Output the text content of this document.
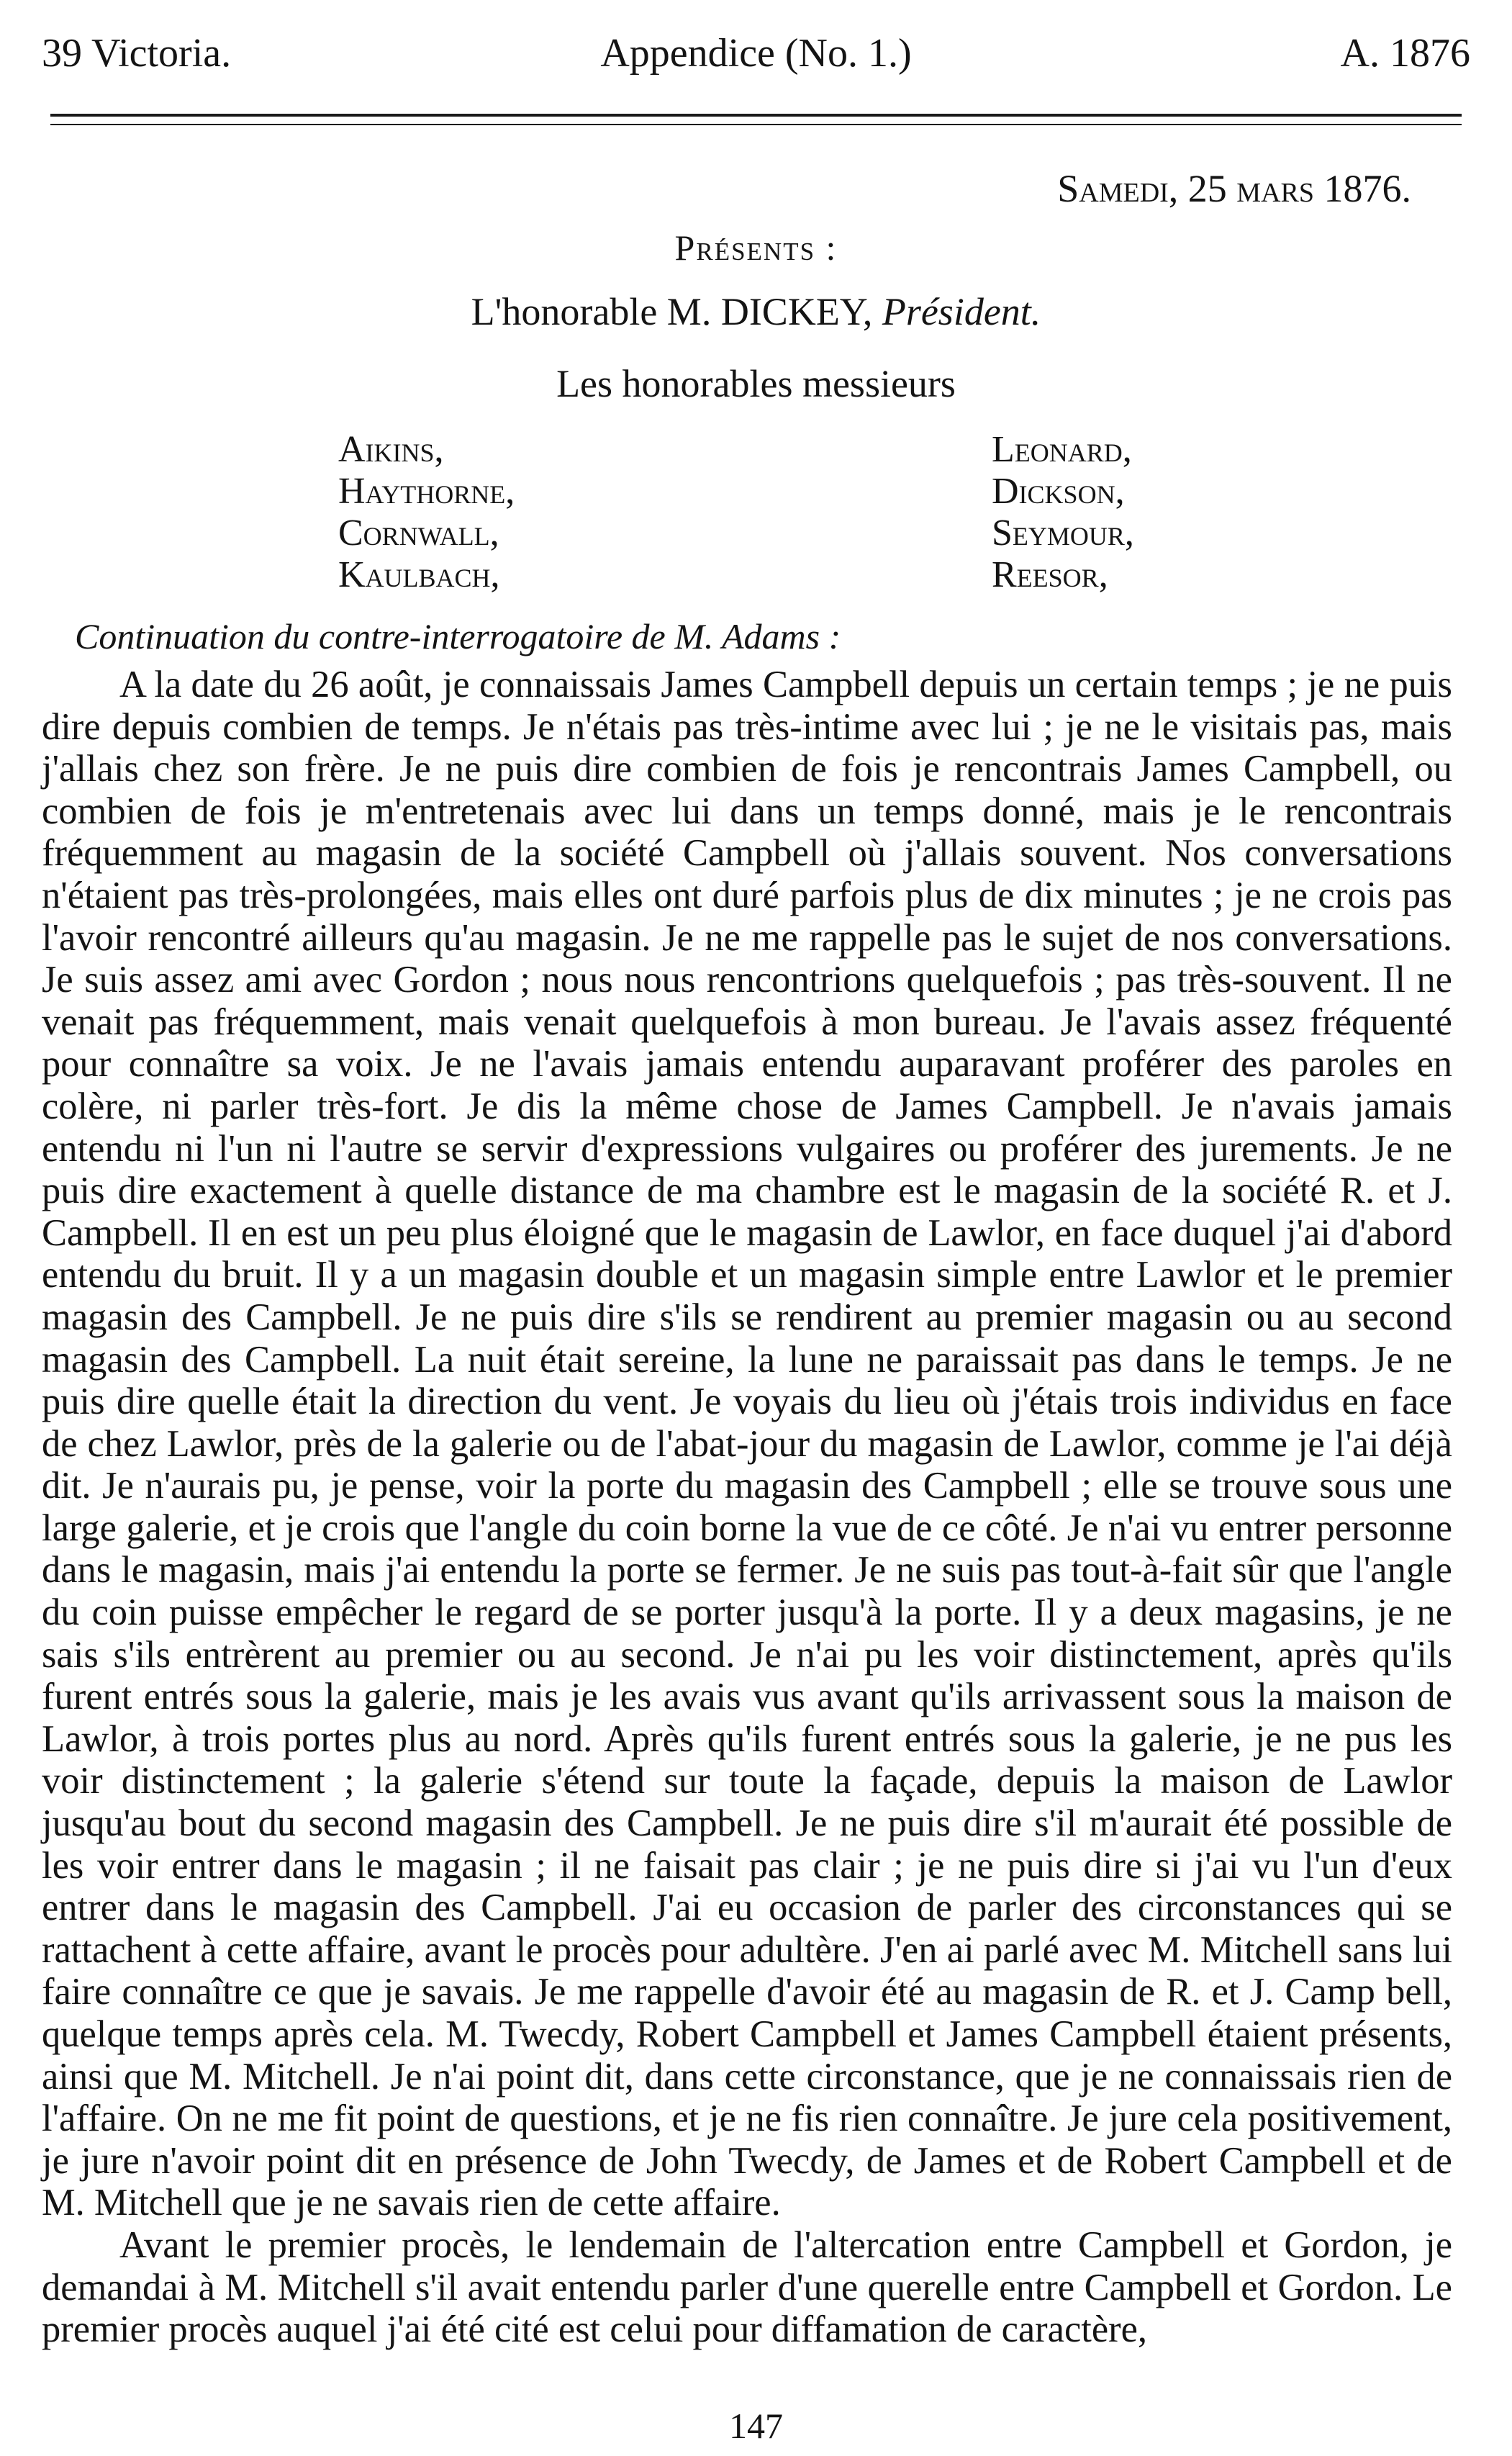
39 Victoria.	Appendice (No. 1.)	A. 1876
Samedi, 25 mars 1876.
Présents :
L'honorable M. DICKEY, Président.
Les honorables messieurs
Aikins,
Haythorne,
Cornwall,
Kaulbach,
Leonard,
Dickson,
Seymour,
Reesor,
Continuation du contre-interrogatoire de M. Adams :

A la date du 26 août, je connaissais James Campbell depuis un certain temps ; je ne puis dire depuis combien de temps. Je n'étais pas très-intime avec lui ; je ne le visitais pas, mais j'allais chez son frère. Je ne puis dire combien de fois je rencontrais James Campbell, ou combien de fois je m'entretenais avec lui dans un temps donné, mais je le rencontrais fréquemment au magasin de la société Campbell où j'allais souvent. Nos conversations n'étaient pas très-prolongées, mais elles ont duré parfois plus de dix minutes ; je ne crois pas l'avoir rencontré ailleurs qu'au magasin. Je ne me rappelle pas le sujet de nos conversations. Je suis assez ami avec Gordon ; nous nous rencontrions quelquefois ; pas très-souvent. Il ne venait pas fréquemment, mais venait quelquefois à mon bureau. Je l'avais assez fréquenté pour connaître sa voix. Je ne l'avais jamais entendu auparavant proférer des paroles en colère, ni parler très-fort. Je dis la même chose de James Campbell. Je n'avais jamais entendu ni l'un ni l'autre se servir d'expressions vulgaires ou proférer des jurements. Je ne puis dire exactement à quelle distance de ma chambre est le magasin de la société R. et J. Campbell. Il en est un peu plus éloigné que le magasin de Lawlor, en face duquel j'ai d'abord entendu du bruit. Il y a un magasin double et un magasin simple entre Lawlor et le premier magasin des Campbell. Je ne puis dire s'ils se rendirent au premier magasin ou au second magasin des Campbell. La nuit était sereine, la lune ne paraissait pas dans le temps. Je ne puis dire quelle était la direction du vent. Je voyais du lieu où j'étais trois individus en face de chez Lawlor, près de la galerie ou de l'abat-jour du magasin de Lawlor, comme je l'ai déjà dit. Je n'aurais pu, je pense, voir la porte du magasin des Campbell ; elle se trouve sous une large galerie, et je crois que l'angle du coin borne la vue de ce côté. Je n'ai vu entrer personne dans le magasin, mais j'ai entendu la porte se fermer. Je ne suis pas tout-à-fait sûr que l'angle du coin puisse empêcher le regard de se porter jusqu'à la porte. Il y a deux magasins, je ne sais s'ils entrèrent au premier ou au second. Je n'ai pu les voir distinctement, après qu'ils furent entrés sous la galerie, mais je les avais vus avant qu'ils arrivassent sous la maison de Lawlor, à trois portes plus au nord. Après qu'ils furent entrés sous la galerie, je ne pus les voir distinctement ; la galerie s'étend sur toute la façade, depuis la maison de Lawlor jusqu'au bout du second magasin des Campbell. Je ne puis dire s'il m'aurait été possible de les voir entrer dans le magasin ; il ne faisait pas clair ; je ne puis dire si j'ai vu l'un d'eux entrer dans le magasin des Campbell. J'ai eu occasion de parler des circonstances qui se rattachent à cette affaire, avant le procès pour adultère. J'en ai parlé avec M. Mitchell sans lui faire connaître ce que je savais. Je me rappelle d'avoir été au magasin de R. et J. Camp bell, quelque temps après cela. M. Twecdy, Robert Campbell et James Campbell étaient présents, ainsi que M. Mitchell. Je n'ai point dit, dans cette circonstance, que je ne connaissais rien de l'affaire. On ne me fit point de questions, et je ne fis rien connaître. Je jure cela positivement, je jure n'avoir point dit en présence de John Twecdy, de James et de Robert Campbell et de M. Mitchell que je ne savais rien de cette affaire.

Avant le premier procès, le lendemain de l'altercation entre Campbell et Gordon, je demandai à M. Mitchell s'il avait entendu parler d'une querelle entre Campbell et Gordon. Le premier procès auquel j'ai été cité est celui pour diffamation de caractère,

147
